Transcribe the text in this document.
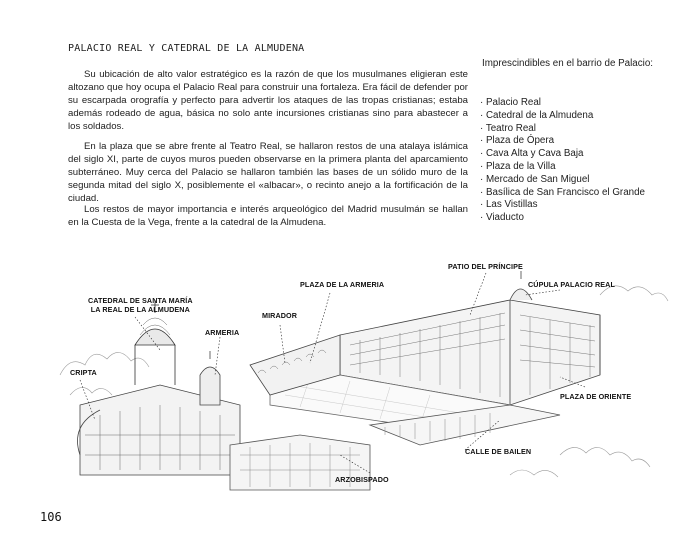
PALACIO REAL Y CATEDRAL DE LA ALMUDENA

Su ubicación de alto valor estratégico es la razón de que los musulmanes eligieran este altozano que hoy ocupa el Palacio Real para construir una fortaleza. Era fácil de defender por su escarpada orografía y perfecto para advertir los ataques de las tropas cristianas; estaba además rodeado de agua, básica no solo ante incursiones cristianas sino para abastecer a los soldados.

En la plaza que se abre frente al Teatro Real, se hallaron restos de una atalaya islámica del siglo XI, parte de cuyos muros pueden observarse en la primera planta del aparcamiento subterráneo. Muy cerca del Palacio se hallaron también las bases de un sólido muro de la segunda mitad del siglo X, posiblemente el «albacar», o recinto anejo a la fortificación de la ciudad.

Los restos de mayor importancia e interés arqueológico del Madrid musulmán se hallan en la Cuesta de la Vega, frente a la catedral de la Almudena.

Imprescindibles en el barrio de Palacio:
· Palacio Real
· Catedral de la Almudena
· Teatro Real
· Plaza de Ópera
· Cava Alta y Cava Baja
· Plaza de la Villa
· Mercado de San Miguel
· Basílica de San Francisco el Grande
· Las Vistillas
· Viaducto
CATEDRAL DE SANTA MARÍA
LA REAL DE LA ALMUDENA
CRIPTA
ARMERIA
MIRADOR
PLAZA DE LA ARMERIA
PATIO DEL PRÍNCIPE
CÚPULA PALACIO REAL
PLAZA DE ORIENTE
CALLE DE BAILEN
ARZOBISPADO
106
